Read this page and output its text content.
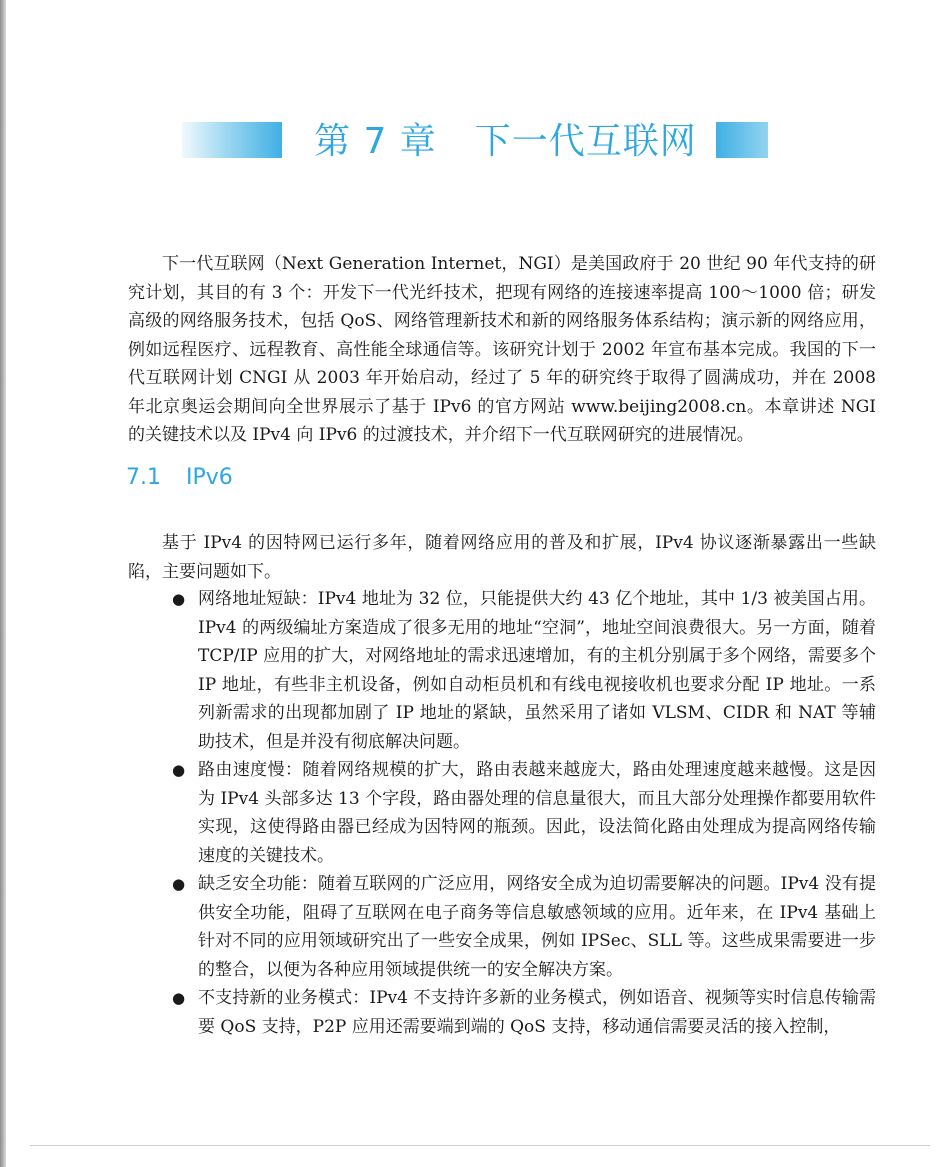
第 7 章 下一代互联网

下一代互联网（Next Generation Internet，NGI）是美国政府于 20 世纪 90 年代支持的研究计划，其目的有 3 个：开发下一代光纤技术，把现有网络的连接速率提高 100～1000 倍；研发高级的网络服务技术，包括 QoS、网络管理新技术和新的网络服务体系结构；演示新的网络应用，例如远程医疗、远程教育、高性能全球通信等。该研究计划于 2002 年宣布基本完成。我国的下一代互联网计划 CNGI 从 2003 年开始启动，经过了 5 年的研究终于取得了圆满成功，并在 2008 年北京奥运会期间向全世界展示了基于 IPv6 的官方网站 www.beijing2008.cn。本章讲述 NGI 的关键技术以及 IPv4 向 IPv6 的过渡技术，并介绍下一代互联网研究的进展情况。

7.1 IPv6

基于 IPv4 的因特网已运行多年，随着网络应用的普及和扩展，IPv4 协议逐渐暴露出一些缺陷，主要问题如下。

● 网络地址短缺：IPv4 地址为 32 位，只能提供大约 43 亿个地址，其中 1/3 被美国占用。IPv4 的两级编址方案造成了很多无用的地址“空洞”，地址空间浪费很大。另一方面，随着 TCP/IP 应用的扩大，对网络地址的需求迅速增加，有的主机分别属于多个网络，需要多个 IP 地址，有些非主机设备，例如自动柜员机和有线电视接收机也要求分配 IP 地址。一系列新需求的出现都加剧了 IP 地址的紧缺，虽然采用了诸如 VLSM、CIDR 和 NAT 等辅助技术，但是并没有彻底解决问题。
● 路由速度慢：随着网络规模的扩大，路由表越来越庞大，路由处理速度越来越慢。这是因为 IPv4 头部多达 13 个字段，路由器处理的信息量很大，而且大部分处理操作都要用软件实现，这使得路由器已经成为因特网的瓶颈。因此，设法简化路由处理成为提高网络传输速度的关键技术。
● 缺乏安全功能：随着互联网的广泛应用，网络安全成为迫切需要解决的问题。IPv4 没有提供安全功能，阻碍了互联网在电子商务等信息敏感领域的应用。近年来，在 IPv4 基础上针对不同的应用领域研究出了一些安全成果，例如 IPSec、SLL 等。这些成果需要进一步的整合，以便为各种应用领域提供统一的安全解决方案。
● 不支持新的业务模式：IPv4 不支持许多新的业务模式，例如语音、视频等实时信息传输需要 QoS 支持，P2P 应用还需要端到端的 QoS 支持，移动通信需要灵活的接入控制，
